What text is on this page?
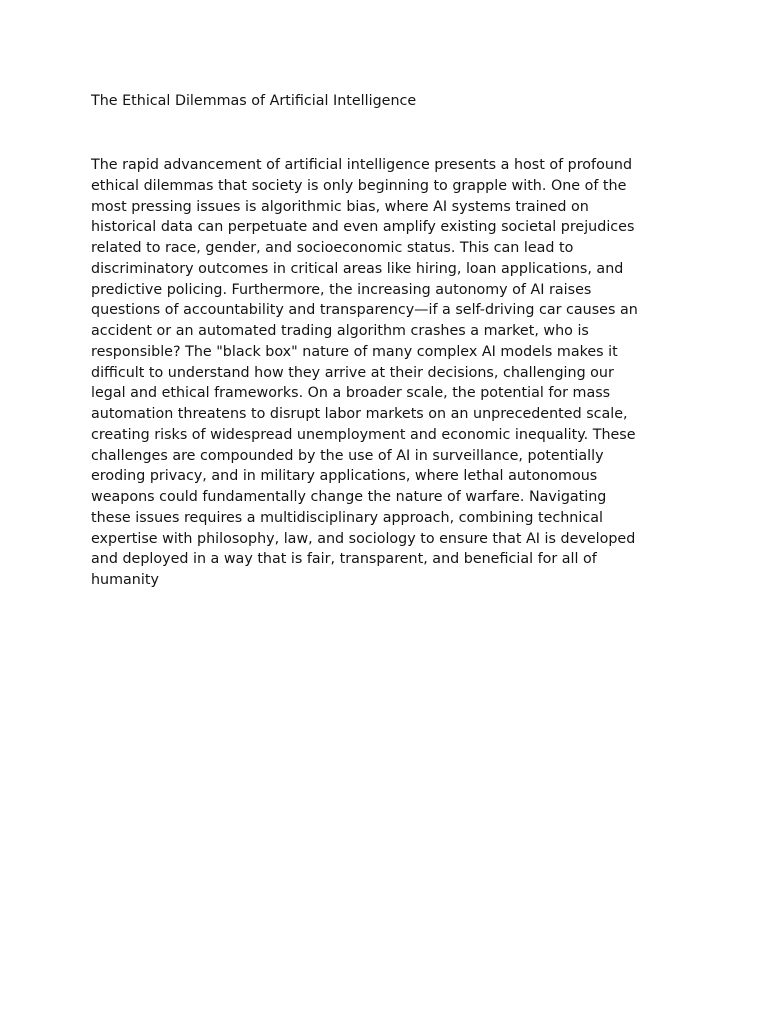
The Ethical Dilemmas of Artificial Intelligence

The rapid advancement of artificial intelligence presents a host of profound
ethical dilemmas that society is only beginning to grapple with. One of the
most pressing issues is algorithmic bias, where AI systems trained on
historical data can perpetuate and even amplify existing societal prejudices
related to race, gender, and socioeconomic status. This can lead to
discriminatory outcomes in critical areas like hiring, loan applications, and
predictive policing. Furthermore, the increasing autonomy of AI raises
questions of accountability and transparency—if a self-driving car causes an
accident or an automated trading algorithm crashes a market, who is
responsible? The "black box" nature of many complex AI models makes it
difficult to understand how they arrive at their decisions, challenging our
legal and ethical frameworks. On a broader scale, the potential for mass
automation threatens to disrupt labor markets on an unprecedented scale,
creating risks of widespread unemployment and economic inequality. These
challenges are compounded by the use of AI in surveillance, potentially
eroding privacy, and in military applications, where lethal autonomous
weapons could fundamentally change the nature of warfare. Navigating
these issues requires a multidisciplinary approach, combining technical
expertise with philosophy, law, and sociology to ensure that AI is developed
and deployed in a way that is fair, transparent, and beneficial for all of
humanity
